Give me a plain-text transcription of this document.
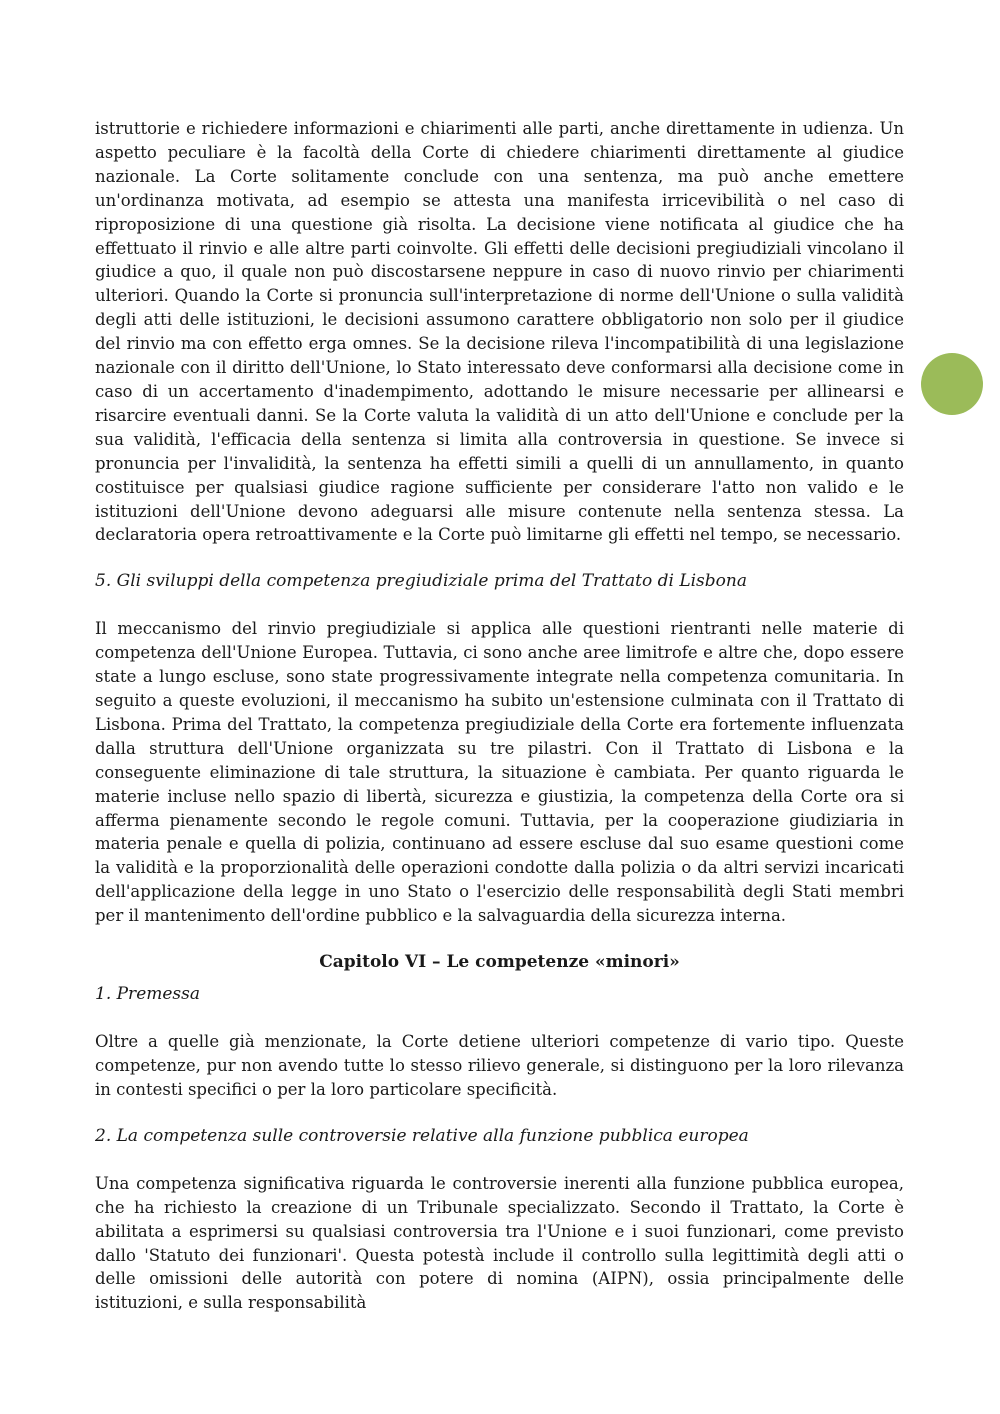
istruttorie e richiedere informazioni e chiarimenti alle parti, anche direttamente in udienza. Un aspetto peculiare è la facoltà della Corte di chiedere chiarimenti direttamente al giudice nazionale. La Corte solitamente conclude con una sentenza, ma può anche emettere un'ordinanza motivata, ad esempio se attesta una manifesta irricevibilità o nel caso di riproposizione di una questione già risolta. La decisione viene notificata al giudice che ha effettuato il rinvio e alle altre parti coinvolte. Gli effetti delle decisioni pregiudiziali vincolano il giudice a quo, il quale non può discostarsene neppure in caso di nuovo rinvio per chiarimenti ulteriori. Quando la Corte si pronuncia sull'interpretazione di norme dell'Unione o sulla validità degli atti delle istituzioni, le decisioni assumono carattere obbligatorio non solo per il giudice del rinvio ma con effetto erga omnes. Se la decisione rileva l'incompatibilità di una legislazione nazionale con il diritto dell'Unione, lo Stato interessato deve conformarsi alla decisione come in caso di un accertamento d'inadempimento, adottando le misure necessarie per allinearsi e risarcire eventuali danni. Se la Corte valuta la validità di un atto dell'Unione e conclude per la sua validità, l'efficacia della sentenza si limita alla controversia in questione. Se invece si pronuncia per l'invalidità, la sentenza ha effetti simili a quelli di un annullamento, in quanto costituisce per qualsiasi giudice ragione sufficiente per considerare l'atto non valido e le istituzioni dell'Unione devono adeguarsi alle misure contenute nella sentenza stessa. La declaratoria opera retroattivamente e la Corte può limitarne gli effetti nel tempo, se necessario.

5. Gli sviluppi della competenza pregiudiziale prima del Trattato di Lisbona

Il meccanismo del rinvio pregiudiziale si applica alle questioni rientranti nelle materie di competenza dell'Unione Europea. Tuttavia, ci sono anche aree limitrofe e altre che, dopo essere state a lungo escluse, sono state progressivamente integrate nella competenza comunitaria. In seguito a queste evoluzioni, il meccanismo ha subito un'estensione culminata con il Trattato di Lisbona. Prima del Trattato, la competenza pregiudiziale della Corte era fortemente influenzata dalla struttura dell'Unione organizzata su tre pilastri. Con il Trattato di Lisbona e la conseguente eliminazione di tale struttura, la situazione è cambiata. Per quanto riguarda le materie incluse nello spazio di libertà, sicurezza e giustizia, la competenza della Corte ora si afferma pienamente secondo le regole comuni. Tuttavia, per la cooperazione giudiziaria in materia penale e quella di polizia, continuano ad essere escluse dal suo esame questioni come la validità e la proporzionalità delle operazioni condotte dalla polizia o da altri servizi incaricati dell'applicazione della legge in uno Stato o l'esercizio delle responsabilità degli Stati membri per il mantenimento dell'ordine pubblico e la salvaguardia della sicurezza interna.

Capitolo VI – Le competenze «minori»
1. Premessa

Oltre a quelle già menzionate, la Corte detiene ulteriori competenze di vario tipo. Queste competenze, pur non avendo tutte lo stesso rilievo generale, si distinguono per la loro rilevanza in contesti specifici o per la loro particolare specificità.

2. La competenza sulle controversie relative alla funzione pubblica europea

Una competenza significativa riguarda le controversie inerenti alla funzione pubblica europea, che ha richiesto la creazione di un Tribunale specializzato. Secondo il Trattato, la Corte è abilitata a esprimersi su qualsiasi controversia tra l'Unione e i suoi funzionari, come previsto dallo 'Statuto dei funzionari'. Questa potestà include il controllo sulla legittimità degli atti o delle omissioni delle autorità con potere di nomina (AIPN), ossia principalmente delle istituzioni, e sulla responsabilità
